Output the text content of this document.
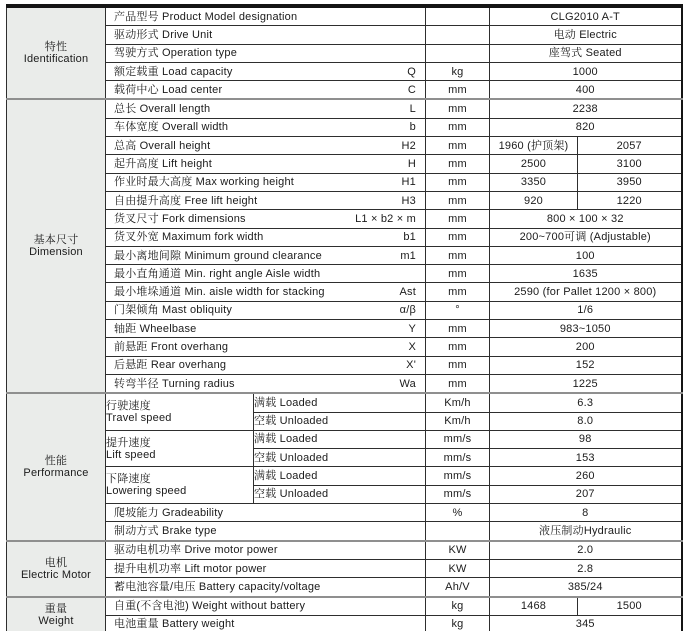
特性
Identification	产品型号 Product Model designation			CLG2010 A-T	

	驱动形式 Drive Unit			电动 Electric	

	驾驶方式 Operation type			座驾式 Seated	

	额定载重 Load capacity Q		kg	1000	

	载荷中心 Load center C		mm	400	
基本尺寸
Dimension	总长 Overall length L		mm	2238	

	车体宽度 Overall width b		mm	820	

	总高 Overall height H2		mm	1960 (护顶架)	2057

	起升高度 Lift height H		mm	2500	3100

	作业时最大高度 Max working height H1		mm	3350	3950

	自由提升高度 Free lift height H3		mm	920	1220

	货叉尺寸 Fork dimensions L1 × b2 × m		mm	800 × 100 × 32	

	货叉外宽 Maximum fork width b1		mm	200~700可调 (Adjustable)	

	最小离地间隙 Minimum ground clearance m1		mm	100	

	最小直角通道 Min. right angle Aisle width		mm	1635	

	最小堆垛通道 Min. aisle width for stacking Ast		mm	2590 (for Pallet 1200 × 800)	

	门架倾角 Mast obliquity α/β		°	1/6	

	轴距 Wheelbase Y		mm	983~1050	

	前悬距 Front overhang X		mm	200	

	后悬距 Rear overhang X'		mm	152	

	转弯半径 Turning radius Wa		mm	1225	
性能
Performance	行驶速度
Travel speed	满载 Loaded	Km/h	6.3	
		空载 Unloaded	Km/h	8.0	
	提升速度
Lift speed	满载 Loaded	mm/s	98	
		空载 Unloaded	mm/s	153	
	下降速度
Lowering speed	满载 Loaded	mm/s	260	
		空载 Unloaded	mm/s	207	

	爬坡能力 Gradeability		%	8	

	制动方式 Brake type			液压制动Hydraulic	
电机
Electric Motor	驱动电机功率 Drive motor power		KW	2.0	

	提升电机功率 Lift motor power		KW	2.8	

	蓄电池容量/电压 Battery capacity/voltage		Ah/V	385/24	
重量
Weight	自重(不含电池) Weight without battery		kg	1468	1500

	电池重量 Battery weight		kg	345	
